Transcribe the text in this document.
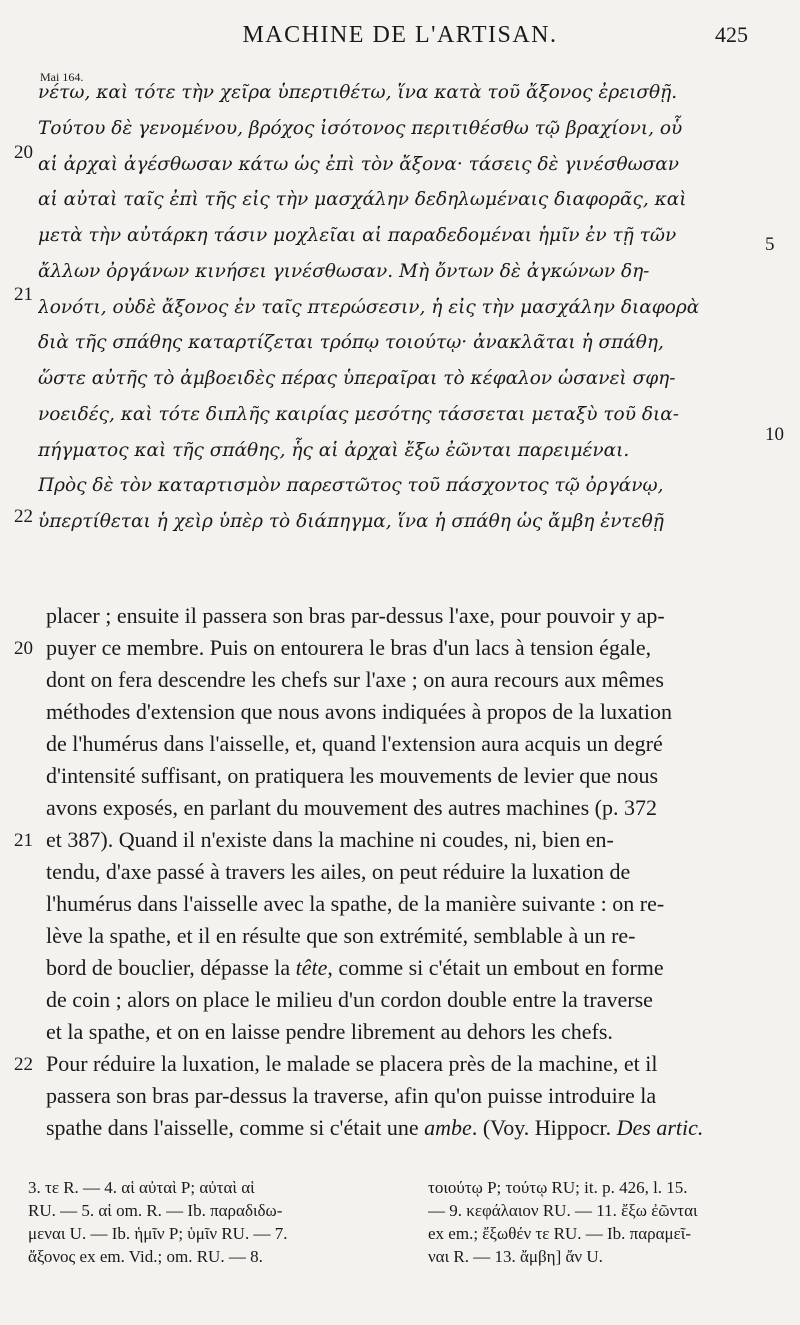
MACHINE DE L'ARTISAN.	425
Mai 164.
νέτω, καὶ τότε τὴν χεῖρα ὑπερτιθέτω, ἵνα κατὰ τοῦ ἄξονος ἐρεισθῇ.
Τούτου δὲ γενομένου, βρόχος ἰσότονος περιτιθέσθω τῷ βραχίονι, οὗ
αἱ ἀρχαὶ ἀγέσθωσαν κάτω ὡς ἐπὶ τὸν ἄξονα· τάσεις δὲ γινέσθωσαν
αἱ αὐταὶ ταῖς ἐπὶ τῆς εἰς τὴν μασχάλην δεδηλωμέναις διαφορᾶς, καὶ
μετὰ τὴν αὐτάρκη τάσιν μοχλεῖαι αἱ παραδεδομέναι ἡμῖν ἐν τῇ τῶν
ἄλλων ὀργάνων κινήσει γινέσθωσαν. Μὴ ὄντων δὲ ἀγκώνων δη-
λονότι, οὐδὲ ἄξονος ἐν ταῖς πτερώσεσιν, ἡ εἰς τὴν μασχάλην διαφορὰ
διὰ τῆς σπάθης καταρτίζεται τρόπῳ τοιούτῳ· ἀνακλᾶται ἡ σπάθη,
ὥστε αὐτῆς τὸ ἀμβοειδὲς πέρας ὑπεραῖραι τὸ κέφαλον ὡσανεὶ σφη-
νοειδές, καὶ τότε διπλῆς καιρίας μεσότης τάσσεται μεταξὺ τοῦ δια-
πήγματος καὶ τῆς σπάθης, ἧς αἱ ἀρχαὶ ἔξω ἐῶνται παρειμέναι.
Πρὸς δὲ τὸν καταρτισμὸν παρεστῶτος τοῦ πάσχοντος τῷ ὀργάνῳ,
ὑπερτίθεται ἡ χεὶρ ὑπὲρ τὸ διάπηγμα, ἵνα ἡ σπάθη ὡς ἄμβη ἐντεθῇ
20
21
22
5
10
placer ; ensuite il passera son bras par-dessus l'axe, pour pouvoir y ap-
puyer ce membre. Puis on entourera le bras d'un lacs à tension égale,
dont on fera descendre les chefs sur l'axe ; on aura recours aux mêmes
méthodes d'extension que nous avons indiquées à propos de la luxation
de l'humérus dans l'aisselle, et, quand l'extension aura acquis un degré
d'intensité suffisant, on pratiquera les mouvements de levier que nous
avons exposés, en parlant du mouvement des autres machines (p. 372
et 387). Quand il n'existe dans la machine ni coudes, ni, bien en-
tendu, d'axe passé à travers les ailes, on peut réduire la luxation de
l'humérus dans l'aisselle avec la spathe, de la manière suivante : on re-
lève la spathe, et il en résulte que son extrémité, semblable à un re-
bord de bouclier, dépasse la tête, comme si c'était un embout en forme
de coin ; alors on place le milieu d'un cordon double entre la traverse
et la spathe, et on en laisse pendre librement au dehors les chefs.
Pour réduire la luxation, le malade se placera près de la machine, et il
passera son bras par-dessus la traverse, afin qu'on puisse introduire la
spathe dans l'aisselle, comme si c'était une ambe. (Voy. Hippocr. Des artic.
20
21
22
3. τε R. — 4. αἱ αὐταὶ P; αὐταὶ αἱ
RU. — 5. αἱ om. R. — Ib. παραδιδω-
μεναι U. — Ib. ἡμῖν P; ὑμῖν RU. — 7.
ἄξονος ex em. Vid.; om. RU. — 8.
τοιούτῳ P; τούτῳ RU; it. p. 426, l. 15.
— 9. κεφάλαιον RU. — 11. ἔξω ἐῶνται
ex em.; ἔξωθέν τε RU. — Ib. παραμεῖ-
ναι R. — 13. ἄμβη] ἄν U.
